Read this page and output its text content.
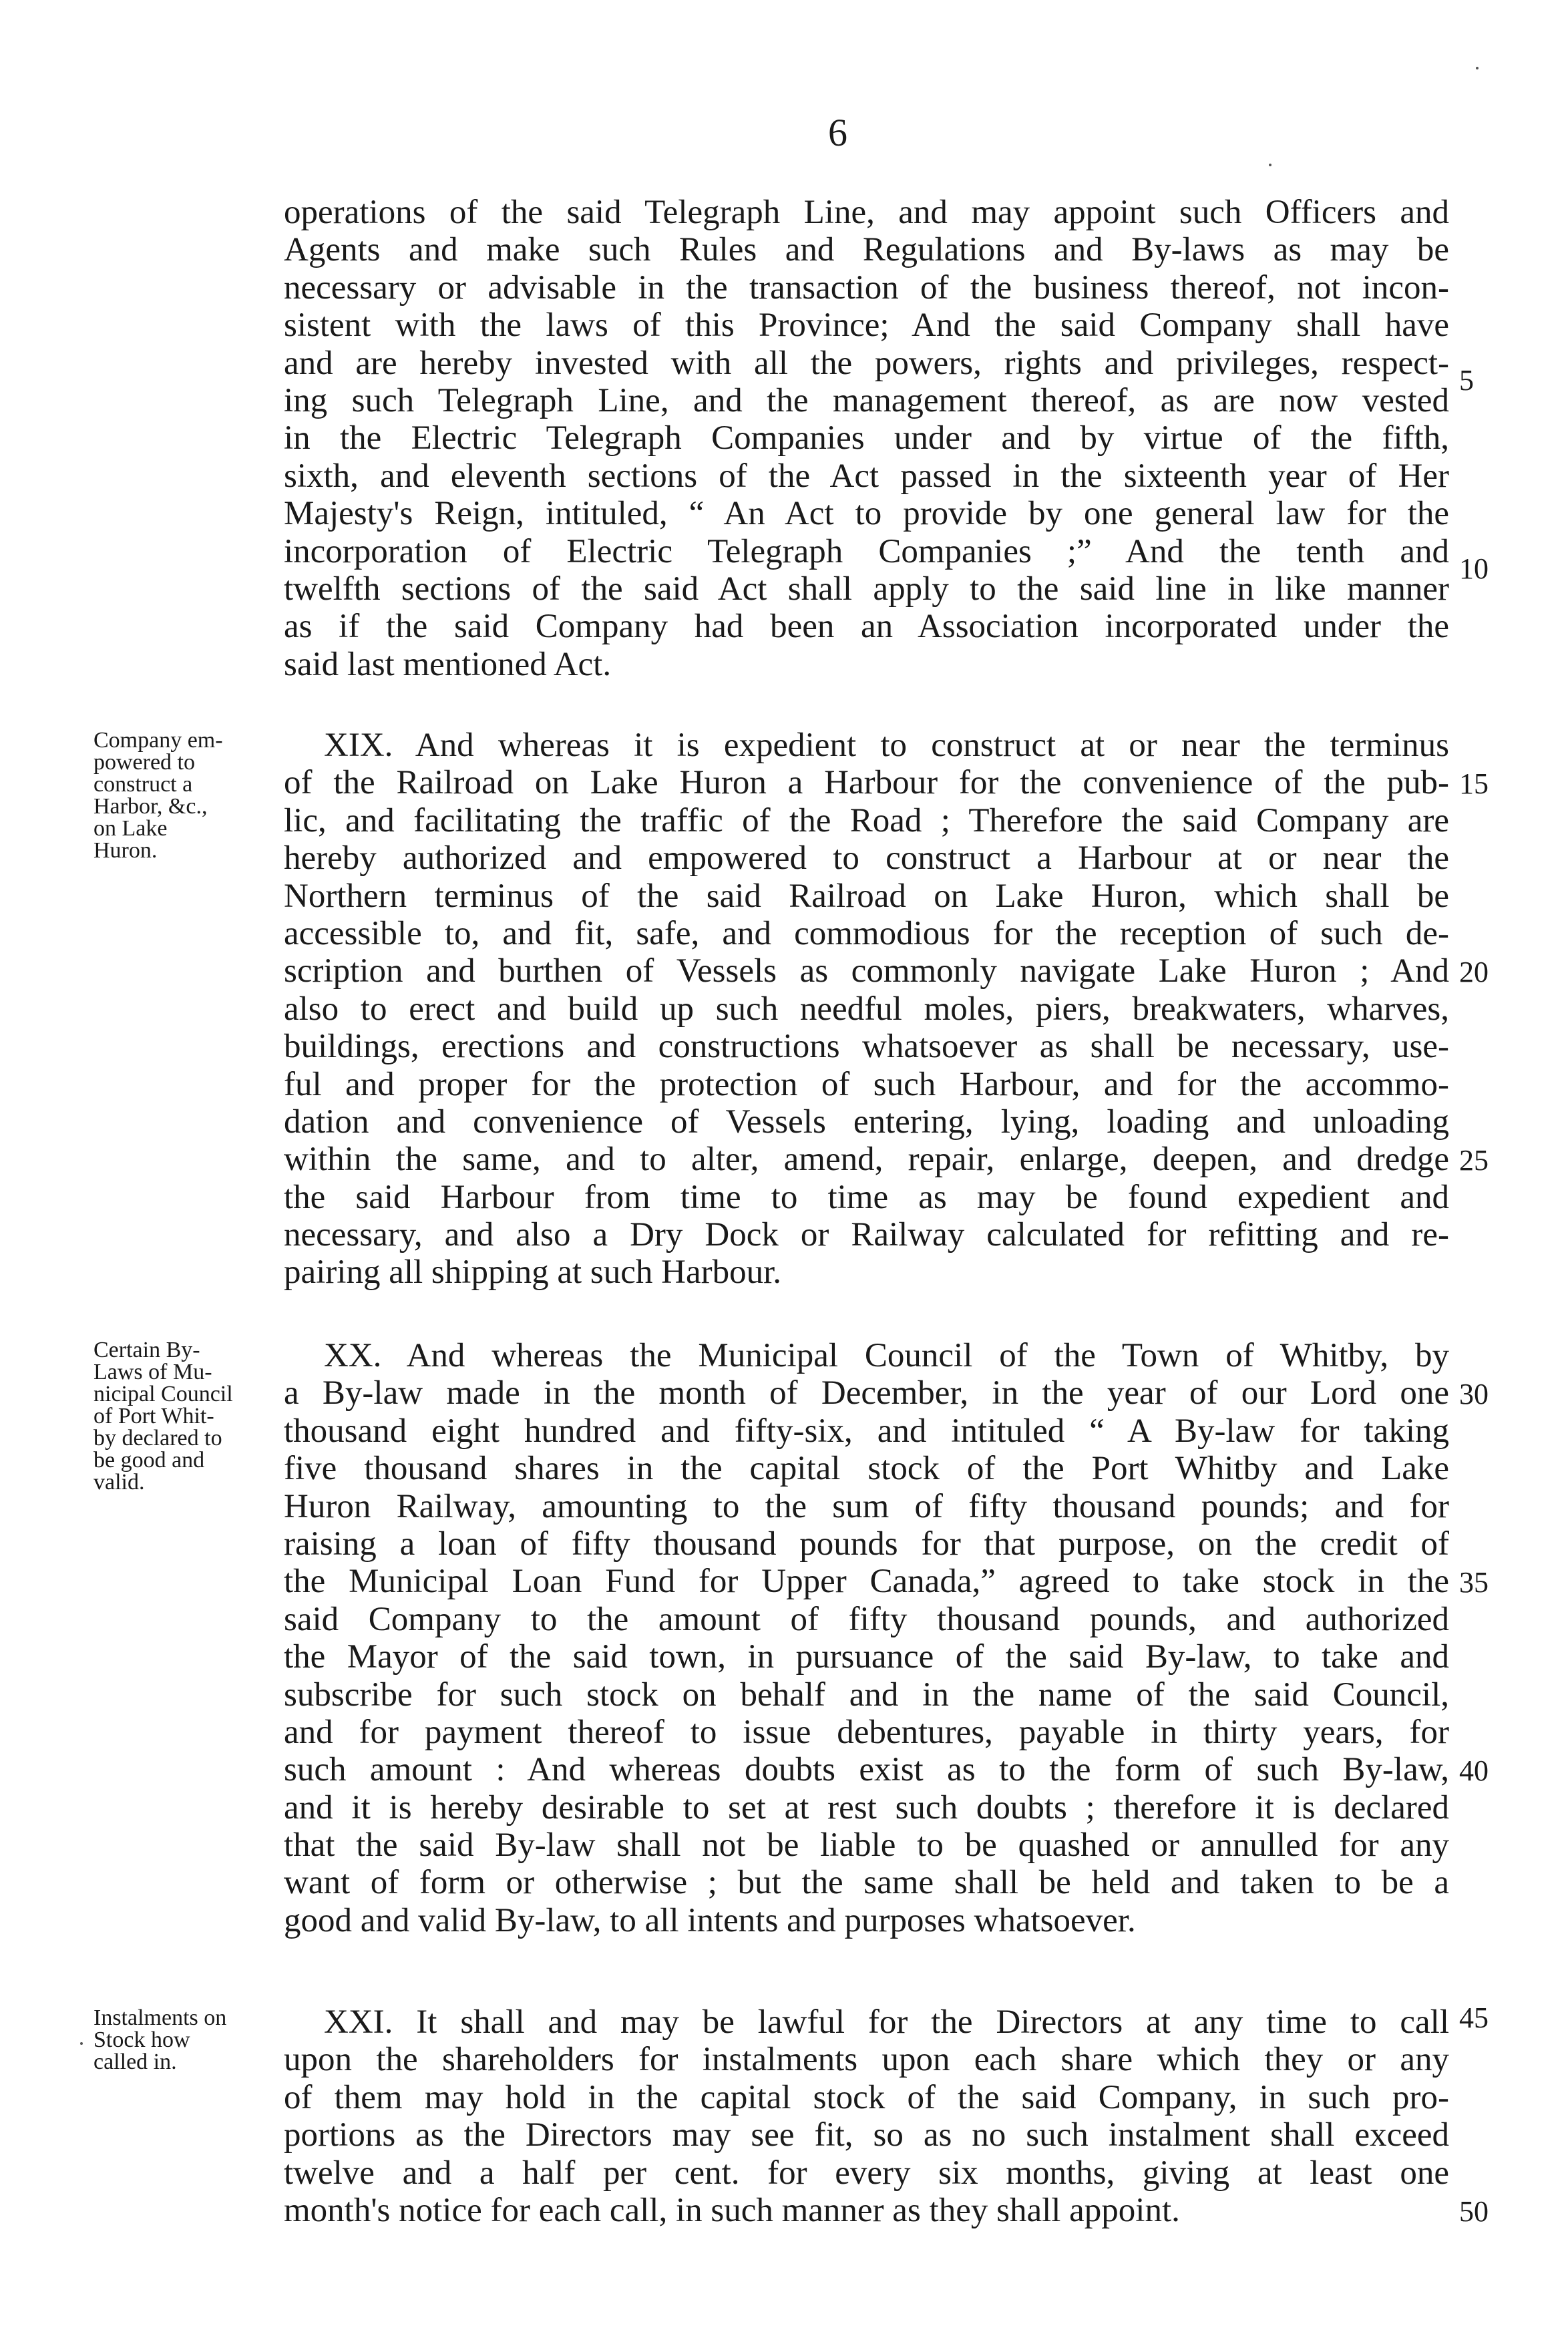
6
operations of the said Telegraph Line, and may appoint such Officers and
Agents and make such Rules and Regulations and By-laws as may be
necessary or advisable in the transaction of the business thereof, not incon-
sistent with the laws of this Province; And the said Company shall have
and are hereby invested with all the powers, rights and privileges, respect-
ing such Telegraph Line, and the management thereof, as are now vested
in the Electric Telegraph Companies under and by virtue of the fifth,
sixth, and eleventh sections of the Act passed in the sixteenth year of Her
Majesty's Reign, intituled, “ An Act to provide by one general law for the
incorporation of Electric Telegraph Companies ;” And the tenth and
twelfth sections of the said Act shall apply to the said line in like manner
as if the said Company had been an Association incorporated under the
said last mentioned Act.
XIX. And whereas it is expedient to construct at or near the terminus
of the Railroad on Lake Huron a Harbour for the convenience of the pub-
lic, and facilitating the traffic of the Road ; Therefore the said Company are
hereby authorized and empowered to construct a Harbour at or near the
Northern terminus of the said Railroad on Lake Huron, which shall be
accessible to, and fit, safe, and commodious for the reception of such de-
scription and burthen of Vessels as commonly navigate Lake Huron ; And
also to erect and build up such needful moles, piers, breakwaters, wharves,
buildings, erections and constructions whatsoever as shall be necessary, use-
ful and proper for the protection of such Harbour, and for the accommo-
dation and convenience of Vessels entering, lying, loading and unloading
within the same, and to alter, amend, repair, enlarge, deepen, and dredge
the said Harbour from time to time as may be found expedient and
necessary, and also a Dry Dock or Railway calculated for refitting and re-
pairing all shipping at such Harbour.
XX. And whereas the Municipal Council of the Town of Whitby, by
a By-law made in the month of December, in the year of our Lord one
thousand eight hundred and fifty-six, and intituled “ A By-law for taking
five thousand shares in the capital stock of the Port Whitby and Lake
Huron Railway, amounting to the sum of fifty thousand pounds; and for
raising a loan of fifty thousand pounds for that purpose, on the credit of
the Municipal Loan Fund for Upper Canada,” agreed to take stock in the
said Company to the amount of fifty thousand pounds, and authorized
the Mayor of the said town, in pursuance of the said By-law, to take and
subscribe for such stock on behalf and in the name of the said Council,
and for payment thereof to issue debentures, payable in thirty years, for
such amount : And whereas doubts exist as to the form of such By-law,
and it is hereby desirable to set at rest such doubts ; therefore it is declared
that the said By-law shall not be liable to be quashed or annulled for any
want of form or otherwise ; but the same shall be held and taken to be a
good and valid By-law, to all intents and purposes whatsoever.
XXI. It shall and may be lawful for the Directors at any time to call
upon the shareholders for instalments upon each share which they or any
of them may hold in the capital stock of the said Company, in such pro-
portions as the Directors may see fit, so as no such instalment shall exceed
twelve and a half per cent. for every six months, giving at least one
month's notice for each call, in such manner as they shall appoint.
Company em-
powered to
construct a
Harbor, &c.,
on Lake
Huron.
Certain By-
Laws of Mu-
nicipal Council
of Port Whit-
by declared to
be good and
valid.
Instalments on
Stock how
called in.
5
10
15
20
25
30
35
40
45
50
